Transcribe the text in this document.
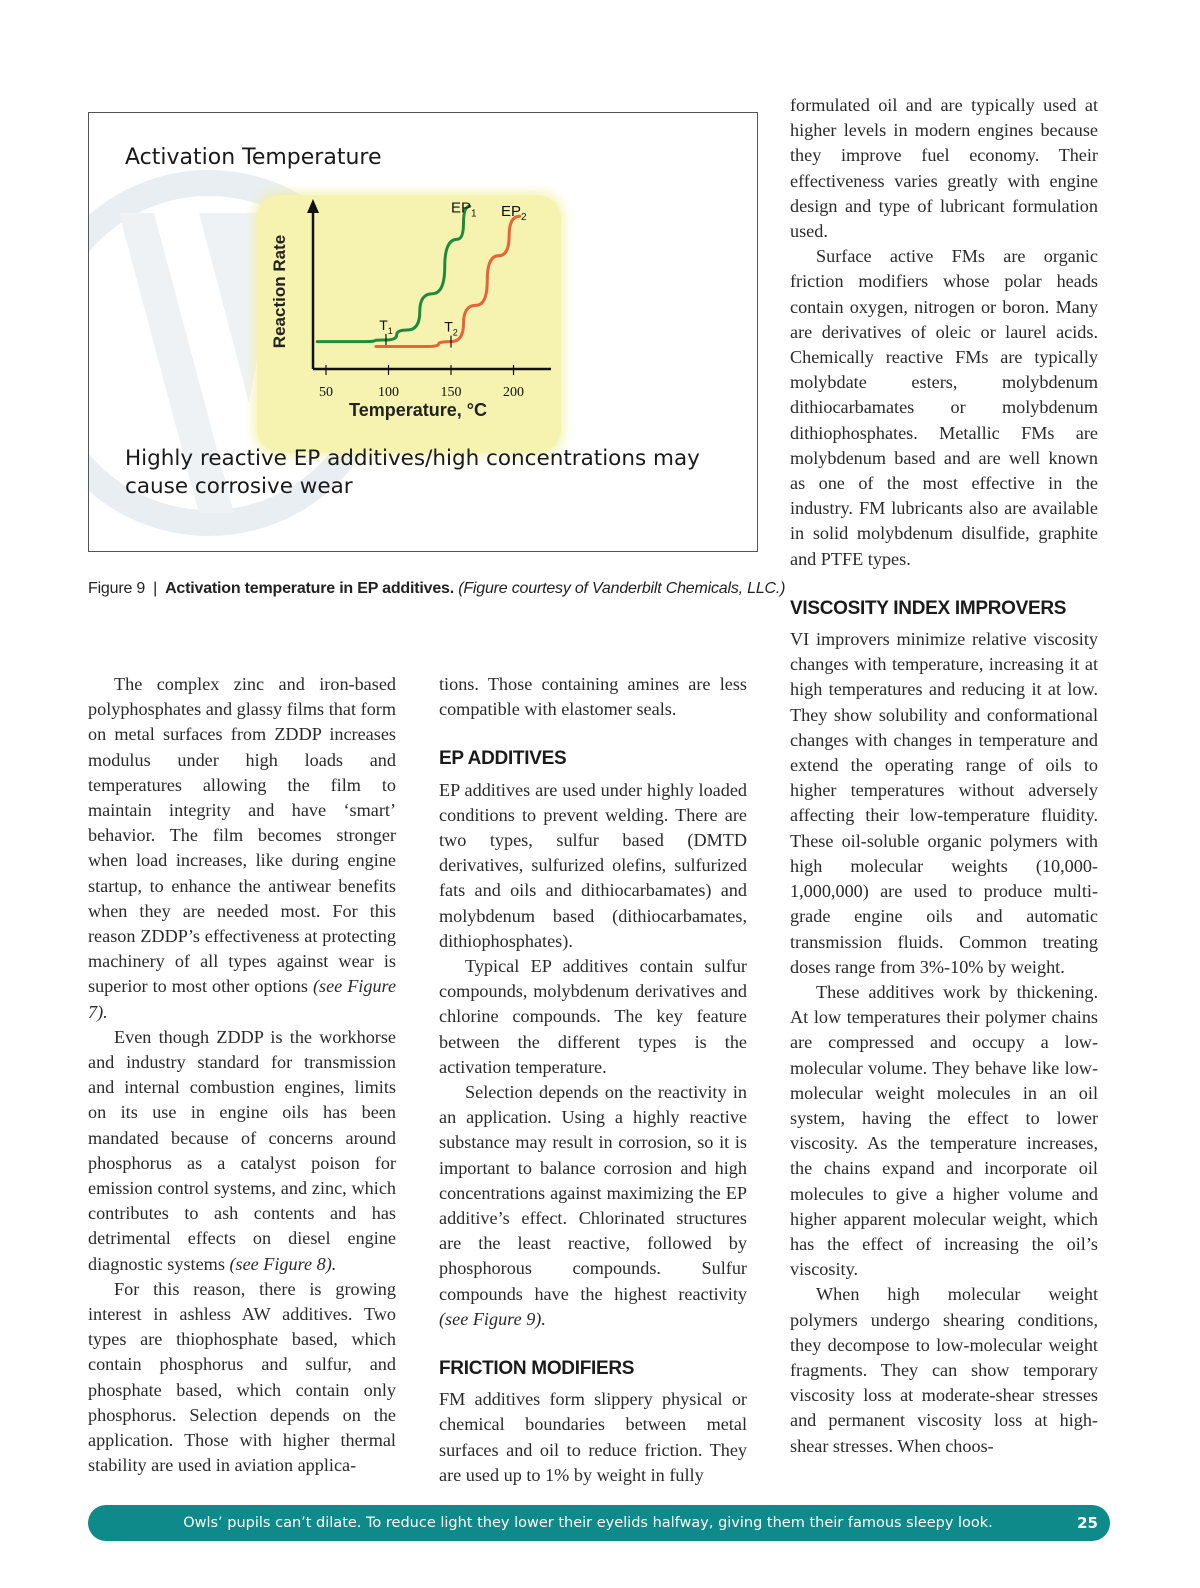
Activation Temperature
50	100	150	200
Reaction Rate
Temperature, °C
$EP_1$
$T_1$
$EP_2$
$T_2$
Highly reactive EP additives/high concentrations may cause corrosive wear
Figure 9 | Activation temperature in EP additives. (Figure courtesy of Vanderbilt Chemicals, LLC.)

The complex zinc and iron-based polyphosphates and glassy films that form on metal surfaces from ZDDP increases modulus under high loads and temperatures allowing the film to maintain integrity and have ‘smart’ behavior. The film becomes stronger when load increases, like during engine startup, to enhance the antiwear benefits when they are needed most. For this reason ZDDP’s effectiveness at protecting machinery of all types against wear is superior to most other options (see Figure 7).

Even though ZDDP is the workhorse and industry standard for transmission and internal combustion engines, limits on its use in engine oils has been mandated because of concerns around phosphorus as a catalyst poison for emission control systems, and zinc, which contributes to ash contents and has detrimental effects on diesel engine diagnostic systems (see Figure 8).

For this reason, there is growing interest in ashless AW additives. Two types are thiophosphate based, which contain phosphorus and sulfur, and phosphate based, which contain only phosphorus. Selection depends on the application. Those with higher thermal stability are used in aviation applica-

tions. Those containing amines are less compatible with elastomer seals.

EP ADDITIVES

EP additives are used under highly loaded conditions to prevent welding. There are two types, sulfur based (DMTD derivatives, sulfurized olefins, sulfurized fats and oils and dithiocarbamates) and molybdenum based (dithiocarbamates, dithiophosphates).

Typical EP additives contain sulfur compounds, molybdenum derivatives and chlorine compounds. The key feature between the different types is the activation temperature.

Selection depends on the reactivity in an application. Using a highly reactive substance may result in corrosion, so it is important to balance corrosion and high concentrations against maximizing the EP additive’s effect. Chlorinated structures are the least reactive, followed by phosphorous compounds. Sulfur compounds have the highest reactivity (see Figure 9).

FRICTION MODIFIERS

FM additives form slippery physical or chemical boundaries between metal surfaces and oil to reduce friction. They are used up to 1% by weight in fully

formulated oil and are typically used at higher levels in modern engines because they improve fuel economy. Their effectiveness varies greatly with engine design and type of lubricant formulation used.

Surface active FMs are organic friction modifiers whose polar heads contain oxygen, nitrogen or boron. Many are derivatives of oleic or laurel acids. Chemically reactive FMs are typically molybdate esters, molybdenum dithiocarbamates or molybdenum dithiophosphates. Metallic FMs are molybdenum based and are well known as one of the most effective in the industry. FM lubricants also are available in solid molybdenum disulfide, graphite and PTFE types.

VISCOSITY INDEX IMPROVERS

VI improvers minimize relative viscosity changes with temperature, increasing it at high temperatures and reducing it at low. They show solubility and conformational changes with changes in temperature and extend the operating range of oils to higher temperatures without adversely affecting their low-temperature fluidity. These oil-soluble organic polymers with high molecular weights (10,000-1,000,000) are used to produce multi-grade engine oils and automatic transmission fluids. Common treating doses range from 3%-10% by weight.

These additives work by thickening. At low temperatures their polymer chains are compressed and occupy a low-molecular volume. They behave like low-molecular weight molecules in an oil system, having the effect to lower viscosity. As the temperature increases, the chains expand and incorporate oil molecules to give a higher volume and higher apparent molecular weight, which has the effect of increasing the oil’s viscosity.

When high molecular weight polymers undergo shearing conditions, they decompose to low-molecular weight fragments. They can show temporary viscosity loss at moderate-shear stresses and permanent viscosity loss at high-shear stresses. When choos-

Owls’ pupils can’t dilate. To reduce light they lower their eyelids halfway, giving them their famous sleepy look.	25
